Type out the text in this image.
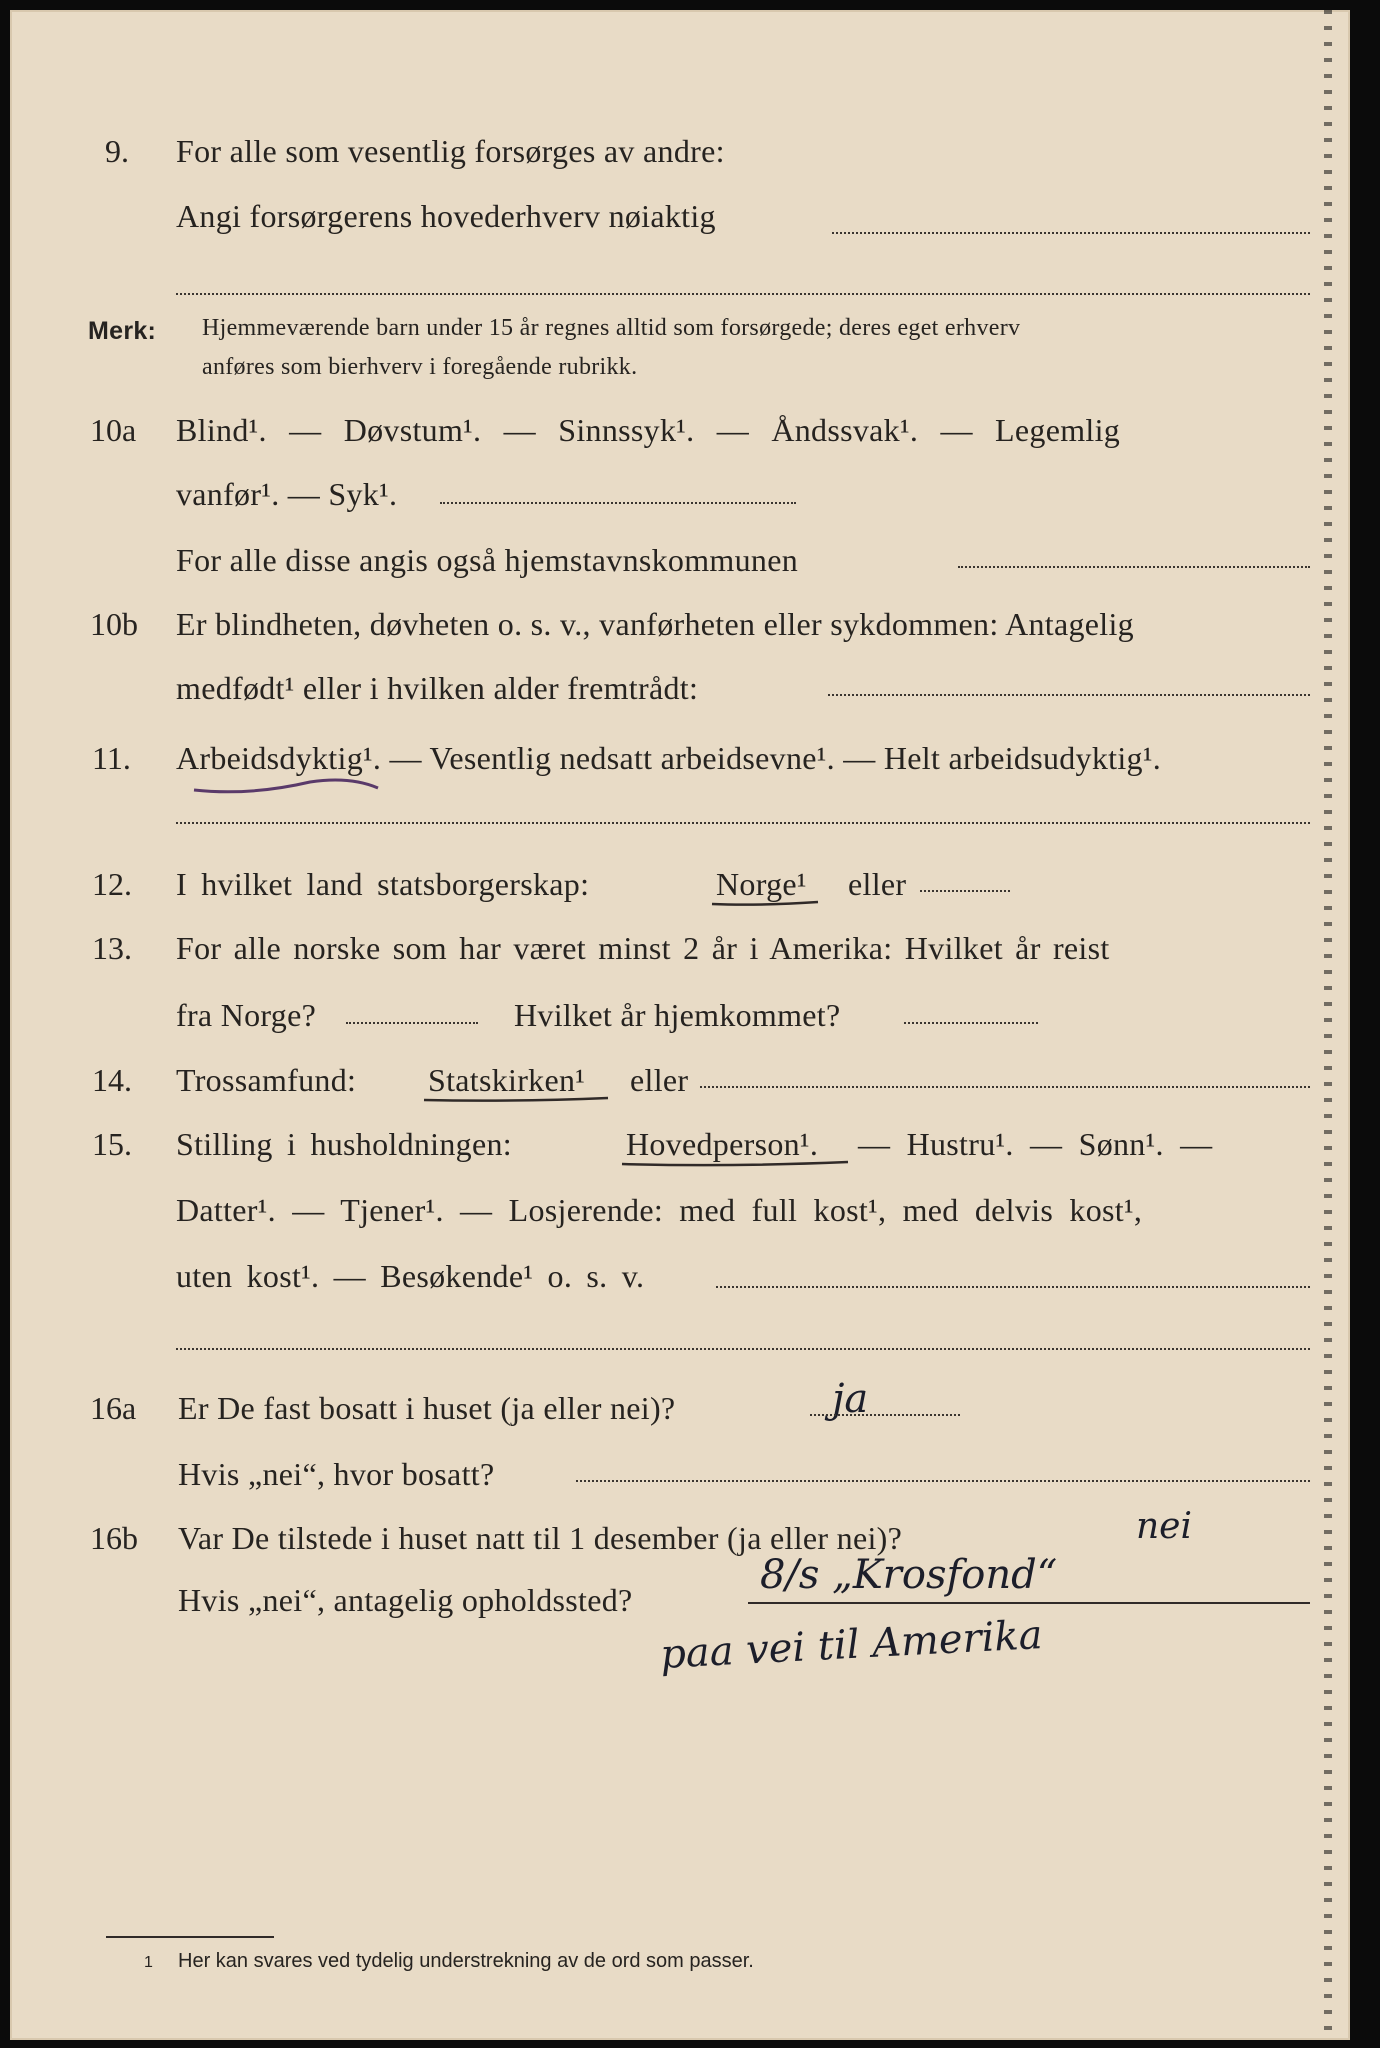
9. For alle som vesentlig forsørges av andre:
Angi forsørgerens hovederhverv nøiaktig
Merk: Hjemmeværende barn under 15 år regnes alltid som forsørgede; deres eget erhverv
anføres som bierhverv i foregående rubrikk.
10a Blind¹. — Døvstum¹. — Sinnssyk¹. — Åndssvak¹. — Legemlig
vanfør¹. — Syk¹.
For alle disse angis også hjemstavnskommunen
10b Er blindheten, døvheten o. s. v., vanførheten eller sykdommen: Antagelig
medfødt¹ eller i hvilken alder fremtrådt:
11. Arbeidsdyktig¹. — Vesentlig nedsatt arbeidsevne¹. — Helt arbeidsudyktig¹.
12. I hvilket land statsborgerskap:	Norge¹ eller
13. For alle norske som har været minst 2 år i Amerika: Hvilket år reist
fra Norge?	Hvilket år hjemkommet?
14. Trossamfund: Statskirken¹ eller
15. Stilling i husholdningen:	Hovedperson¹. — Hustru¹. — Sønn¹. —
Datter¹. — Tjener¹. — Losjerende: med full kost¹, med delvis kost¹,
uten kost¹. — Besøkende¹ o. s. v.
16a Er De fast bosatt i huset (ja eller nei)?	ja
Hvis „nei“, hvor bosatt?
16b Var De tilstede i huset natt til 1 desember (ja eller nei)?	nei
Hvis „nei“, antagelig opholdssted?
8/s „Krosfond“
paa vei til Amerika
1 Her kan svares ved tydelig understrekning av de ord som passer.
